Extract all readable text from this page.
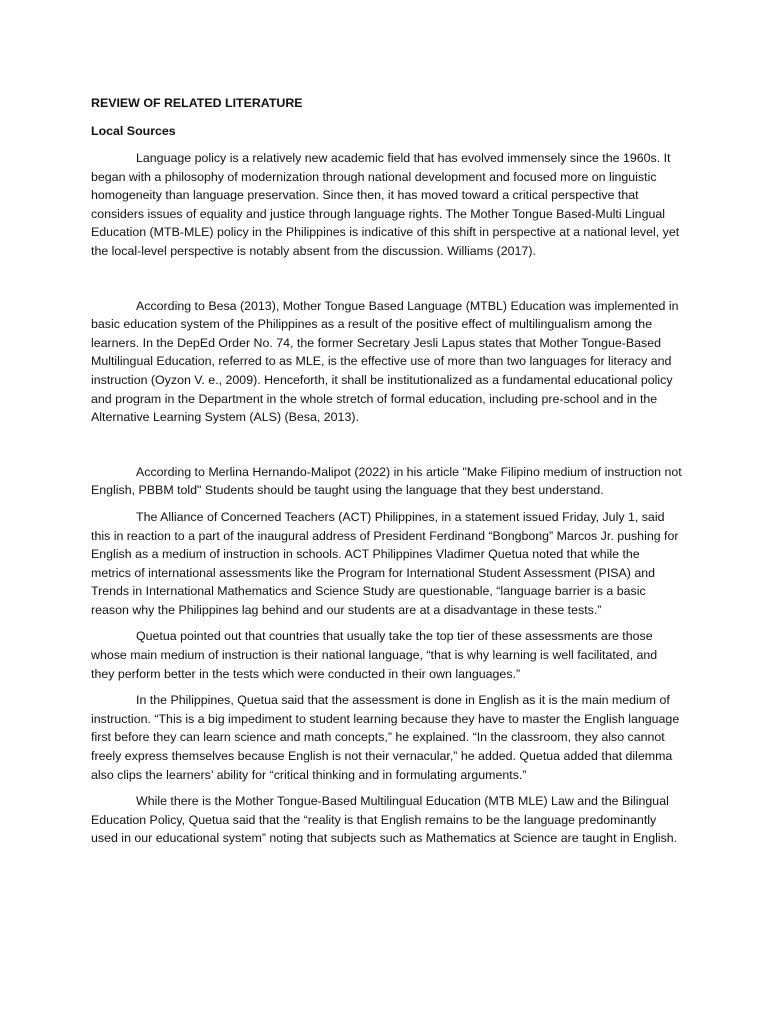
REVIEW OF RELATED LITERATURE

Local Sources

Language policy is a relatively new academic field that has evolved immensely since the 1960s. It began with a philosophy of modernization through national development and focused more on linguistic homogeneity than language preservation. Since then, it has moved toward a critical perspective that considers issues of equality and justice through language rights. The Mother Tongue Based-Multi Lingual Education (MTB-MLE) policy in the Philippines is indicative of this shift in perspective at a national level, yet the local-level perspective is notably absent from the discussion. Williams (2017).

According to Besa (2013), Mother Tongue Based Language (MTBL) Education was implemented in basic education system of the Philippines as a result of the positive effect of multilingualism among the learners. In the DepEd Order No. 74, the former Secretary Jesli Lapus states that Mother Tongue-Based Multilingual Education, referred to as MLE, is the effective use of more than two languages for literacy and instruction (Oyzon V. e., 2009). Henceforth, it shall be institutionalized as a fundamental educational policy and program in the Department in the whole stretch of formal education, including pre-school and in the Alternative Learning System (ALS) (Besa, 2013).

According to Merlina Hernando-Malipot (2022) in his article "Make Filipino medium of instruction not English, PBBM told" Students should be taught using the language that they best understand.

The Alliance of Concerned Teachers (ACT) Philippines, in a statement issued Friday, July 1, said this in reaction to a part of the inaugural address of President Ferdinand “Bongbong” Marcos Jr. pushing for English as a medium of instruction in schools. ACT Philippines Vladimer Quetua noted that while the metrics of international assessments like the Program for International Student Assessment (PISA) and Trends in International Mathematics and Science Study are questionable, “language barrier is a basic reason why the Philippines lag behind and our students are at a disadvantage in these tests.”

Quetua pointed out that countries that usually take the top tier of these assessments are those whose main medium of instruction is their national language, “that is why learning is well facilitated, and they perform better in the tests which were conducted in their own languages.”

In the Philippines, Quetua said that the assessment is done in English as it is the main medium of instruction. “This is a big impediment to student learning because they have to master the English language first before they can learn science and math concepts,” he explained. “In the classroom, they also cannot freely express themselves because English is not their vernacular,” he added. Quetua added that dilemma also clips the learners’ ability for “critical thinking and in formulating arguments.”

While there is the Mother Tongue-Based Multilingual Education (MTB MLE) Law and the Bilingual Education Policy, Quetua said that the “reality is that English remains to be the language predominantly used in our educational system” noting that subjects such as Mathematics at Science are taught in English.
